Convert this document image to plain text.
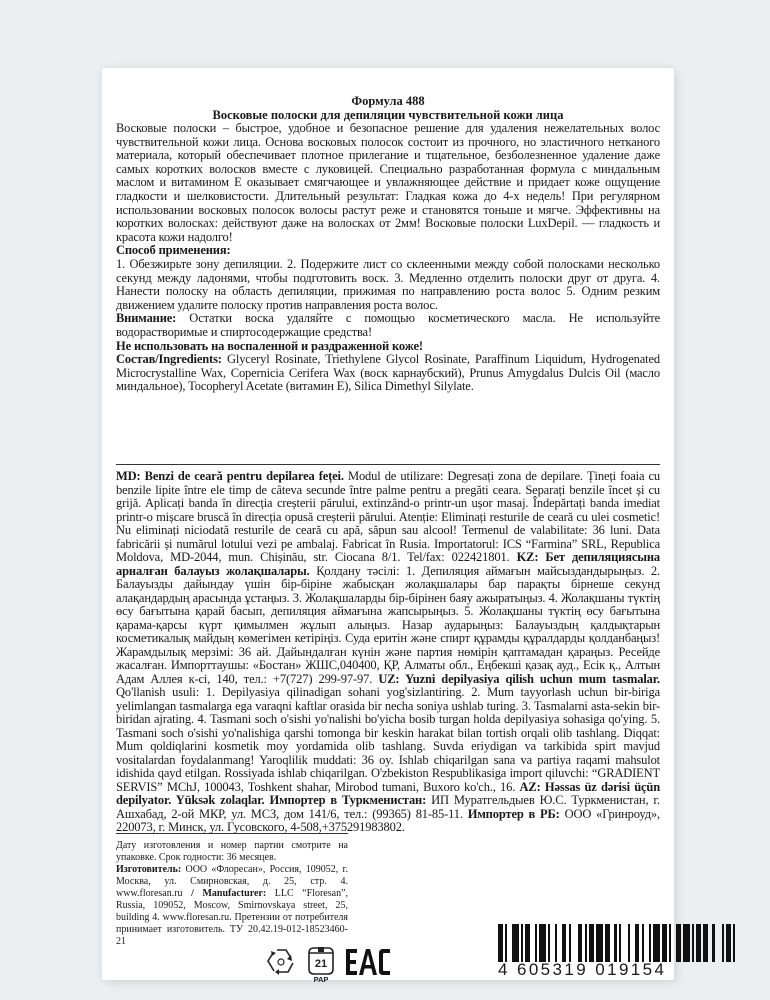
Формула 488

Восковые полоски для депиляции чувствительной кожи лица

Восковые полоски – быстрое, удобное и безопасное решение для удаления нежелательных волос чувствительной кожи лица. Основа восковых полосок состоит из прочного, но эластичного нетканого материала, который обеспечивает плотное прилегание и тщательное, безболезненное удаление даже самых коротких волосков вместе с луковицей. Специально разработанная формула с миндальным маслом и витамином Е оказывает смягчающее и увлажняющее действие и придает коже ощущение гладкости и шелковистости. Длительный результат: Гладкая кожа до 4-х недель! При регулярном использовании восковых полосок волосы растут реже и становятся тоньше и мягче. Эффективны на коротких волосках: действуют даже на волосках от 2мм! Восковые полоски LuxDepil. — гладкость и красота кожи надолго!

Способ применения:

1. Обезжирьте зону депиляции. 2. Подержите лист со склеенными между собой полосками несколько секунд между ладонями, чтобы подготовить воск. 3. Медленно отделить полоски друг от друга. 4. Нанести полоску на область депиляции, прижимая по направлению роста волос 5. Одним резким движением удалите полоску против направления роста волос.

Внимание: Остатки воска удаляйте с помощью косметического масла. Не используйте водорастворимые и спиртосодержащие средства!

Не использовать на воспаленной и раздраженной коже!

Состав/Ingredients: Glyceryl Rosinate, Triethylene Glycol Rosinate, Paraffinum Liquidum, Hydrogenated Microcrystalline Wax, Copernicia Cerifera Wax (воск карнаубский), Prunus Amygdalus Dulcis Oil (масло миндальное), Tocopheryl Acetate (витамин Е), Silica Dimethyl Silylate.

MD: Benzi de ceară pentru depilarea feței. Modul de utilizare: Degresați zona de depilare. Țineți foaia cu benzile lipite între ele timp de câteva secunde între palme pentru a pregăti ceara. Separați benzile încet și cu grijă. Aplicați banda în direcția creșterii părului, extinzând-o printr-un ușor masaj. Îndepărtați banda imediat printr-o mișcare bruscă în direcția opusă creșterii părului. Atenție: Eliminați resturile de ceară cu ulei cosmetic! Nu eliminați niciodată resturile de ceară cu apă, săpun sau alcool! Termenul de valabilitate: 36 luni. Data fabricării și numărul lotului vezi pe ambalaj. Fabricat în Rusia. Importatorul: ICS “Farmina” SRL, Republica Moldova, MD-2044, mun. Chișinău, str. Ciocana 8/1. Tel/fax: 022421801. KZ: Бет депиляциясына арналған балауыз жолақшалары. Қолдану тәсілі: 1. Депиляция аймағын майсыздандырыңыз. 2. Балауызды дайындау үшін бір-біріне жабысқан жолақшалары бар парақты бірнеше секунд алақандардың арасында ұстаңыз. 3. Жолақшаларды бір-бірінен баяу ажыратыңыз. 4. Жолақшаны түктің өсу бағытына қарай басып, депиляция аймағына жапсырыңыз. 5. Жолақшаны түктің өсу бағытына қарама-қарсы күрт қимылмен жұлып алыңыз. Назар аударыңыз: Балауыздың қалдықтарын косметикалық майдың көмегімен кетіріңіз. Суда еритін және спирт құрамды құралдарды қолданбаңыз! Жарамдылық мерзімі: 36 ай. Дайындалған күнін және партия нөмірін қаптамадан қараңыз. Ресейде жасалған. Импорттаушы: «Бостан» ЖШС,040400, ҚР, Алматы обл., Еңбекші қазақ ауд., Есік қ., Алтын Адам Аллея к-сі, 140, тел.: +7(727) 299-97-97. UZ: Yuzni depilyasiya qilish uchun mum tasmalar. Qo'llanish usuli: 1. Depilyasiya qilinadigan sohani yog'sizlantiring. 2. Mum tayyorlash uchun bir-biriga yelimlangan tasmalarga ega varaqni kaftlar orasida bir necha soniya ushlab turing. 3. Tasmalarni asta-sekin bir-biridan ajrating. 4. Tasmani soch o'sishi yo'nalishi bo'yicha bosib turgan holda depilyasiya sohasiga qo'ying. 5. Tasmani soch o'sishi yo'nalishiga qarshi tomonga bir keskin harakat bilan tortish orqali olib tashlang. Diqqat: Mum qoldiqlarini kosmetik moy yordamida olib tashlang. Suvda eriydigan va tarkibida spirt mavjud vositalardan foydalanmang! Yaroqlilik muddati: 36 oy. Ishlab chiqarilgan sana va partiya raqami mahsulot idishida qayd etilgan. Rossiyada ishlab chiqarilgan. O'zbekiston Respublikasiga import qiluvchi: “GRADIENT SERVIS” MChJ, 100043, Toshkent shahar, Mirobod tumani, Buxoro ko'ch., 16. AZ: Həssas üz dərisi üçün depilyator. Yüksək zolaqlar. Импортер в Туркменистан: ИП Муратгельдыев Ю.С. Туркменистан, г. Ашхабад, 2-ой МКР, ул. МСЗ, дом 141/6, тел.: (99365) 81-85-11. Импортер в РБ: ООО «Гринроуд», 220073, г. Минск, ул. Гусовского, 4-508,+375291983802.

Дату изготовления и номер партии смотрите на упаковке. Срок годности: 36 месяцев.

Изготовитель: ООО «Флоресан», Россия, 109052, г. Москва, ул. Смирновская, д. 25, стр. 4. www.floresan.ru / Manufacturer: LLC “Floresan”, Russia, 109052, Moscow, Smirnovskaya street, 25, building 4. www.floresan.ru. Претензии от потребителя принимает изготовитель. ТУ 20.42.19-012-18523460-21

21
PAP
4 605319 019154
